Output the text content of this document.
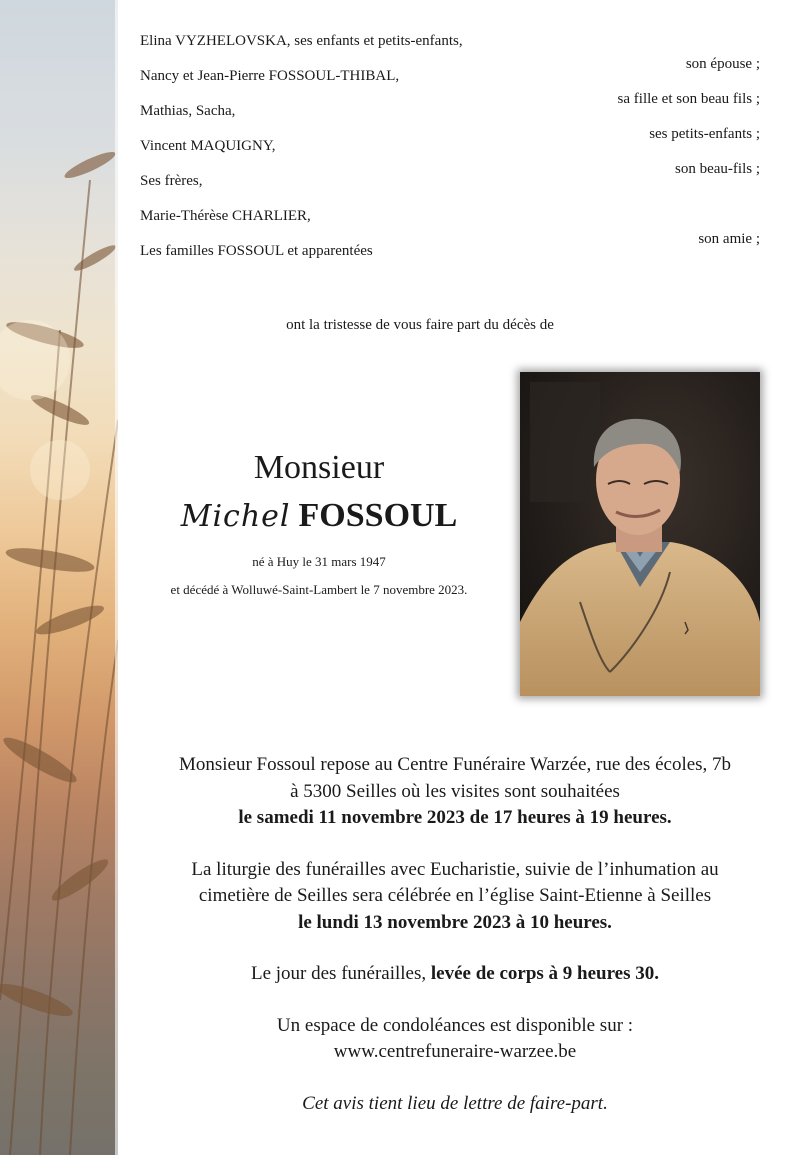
Elina VYZHELOVSKA, ses enfants et petits-enfants,
son épouse ;
Nancy et Jean-Pierre FOSSOUL-THIBAL,
sa fille et son beau fils ;
Mathias, Sacha,
ses petits-enfants ;
Vincent MAQUIGNY,
son beau-fils ;
Ses frères,
Marie-Thérèse CHARLIER,
son amie ;
Les familles FOSSOUL et apparentées
ont la tristesse de vous faire part du décès de
Monsieur
Michel FOSSOUL
né à Huy le 31 mars 1947
et décédé à Wolluwé-Saint-Lambert le 7 novembre 2023.

Monsieur Fossoul repose au Centre Funéraire Warzée, rue des écoles, 7b

à 5300 Seilles où les visites sont souhaitées

le samedi 11 novembre 2023 de 17 heures à 19 heures.

La liturgie des funérailles avec Eucharistie, suivie de l’inhumation au

cimetière de Seilles sera célébrée en l’église Saint-Etienne à Seilles

le lundi 13 novembre 2023 à 10 heures.

Le jour des funérailles, levée de corps à 9 heures 30.

Un espace de condoléances est disponible sur :

www.centrefuneraire-warzee.be

Cet avis tient lieu de lettre de faire-part.
